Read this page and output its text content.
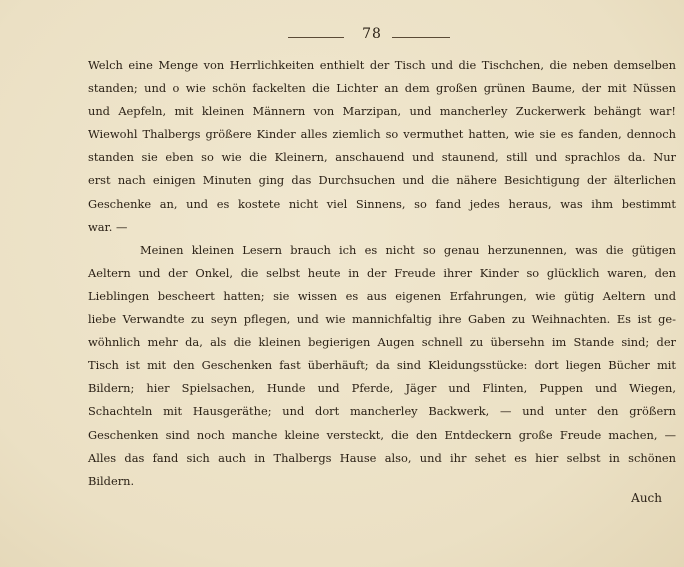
78
Welch eine Menge von Herrlichkeiten enthielt der Tisch und die Tischchen, die neben demselben
standen; und o wie schön fackelten die Lichter an dem großen grünen Baume, der mit Nüssen
und Aepfeln, mit kleinen Männern von Marzipan, und mancherley Zuckerwerk behängt war!
Wiewohl Thalbergs größere Kinder alles ziemlich so vermuthet hatten, wie sie es fanden, dennoch
standen sie eben so wie die Kleinern, anschauend und staunend, still und sprachlos da. Nur
erst nach einigen Minuten ging das Durchsuchen und die nähere Besichtigung der älterlichen
Geschenke an, und es kostete nicht viel Sinnens, so fand jedes heraus, was ihm bestimmt
war. —
Meinen kleinen Lesern brauch ich es nicht so genau herzunennen, was die gütigen
Aeltern und der Onkel, die selbst heute in der Freude ihrer Kinder so glücklich waren, den
Lieblingen bescheert hatten; sie wissen es aus eigenen Erfahrungen, wie gütig Aeltern und
liebe Verwandte zu seyn pflegen, und wie mannichfaltig ihre Gaben zu Weihnachten. Es ist ge-
wöhnlich mehr da, als die kleinen begierigen Augen schnell zu übersehn im Stande sind; der
Tisch ist mit den Geschenken fast überhäuft; da sind Kleidungsstücke: dort liegen Bücher mit
Bildern; hier Spielsachen, Hunde und Pferde, Jäger und Flinten, Puppen und Wiegen,
Schachteln mit Hausgeräthe; und dort mancherley Backwerk, — und unter den größern
Geschenken sind noch manche kleine versteckt, die den Entdeckern große Freude machen, —
Alles das fand sich auch in Thalbergs Hause also, und ihr sehet es hier selbst in schönen
Bildern.
Auch
